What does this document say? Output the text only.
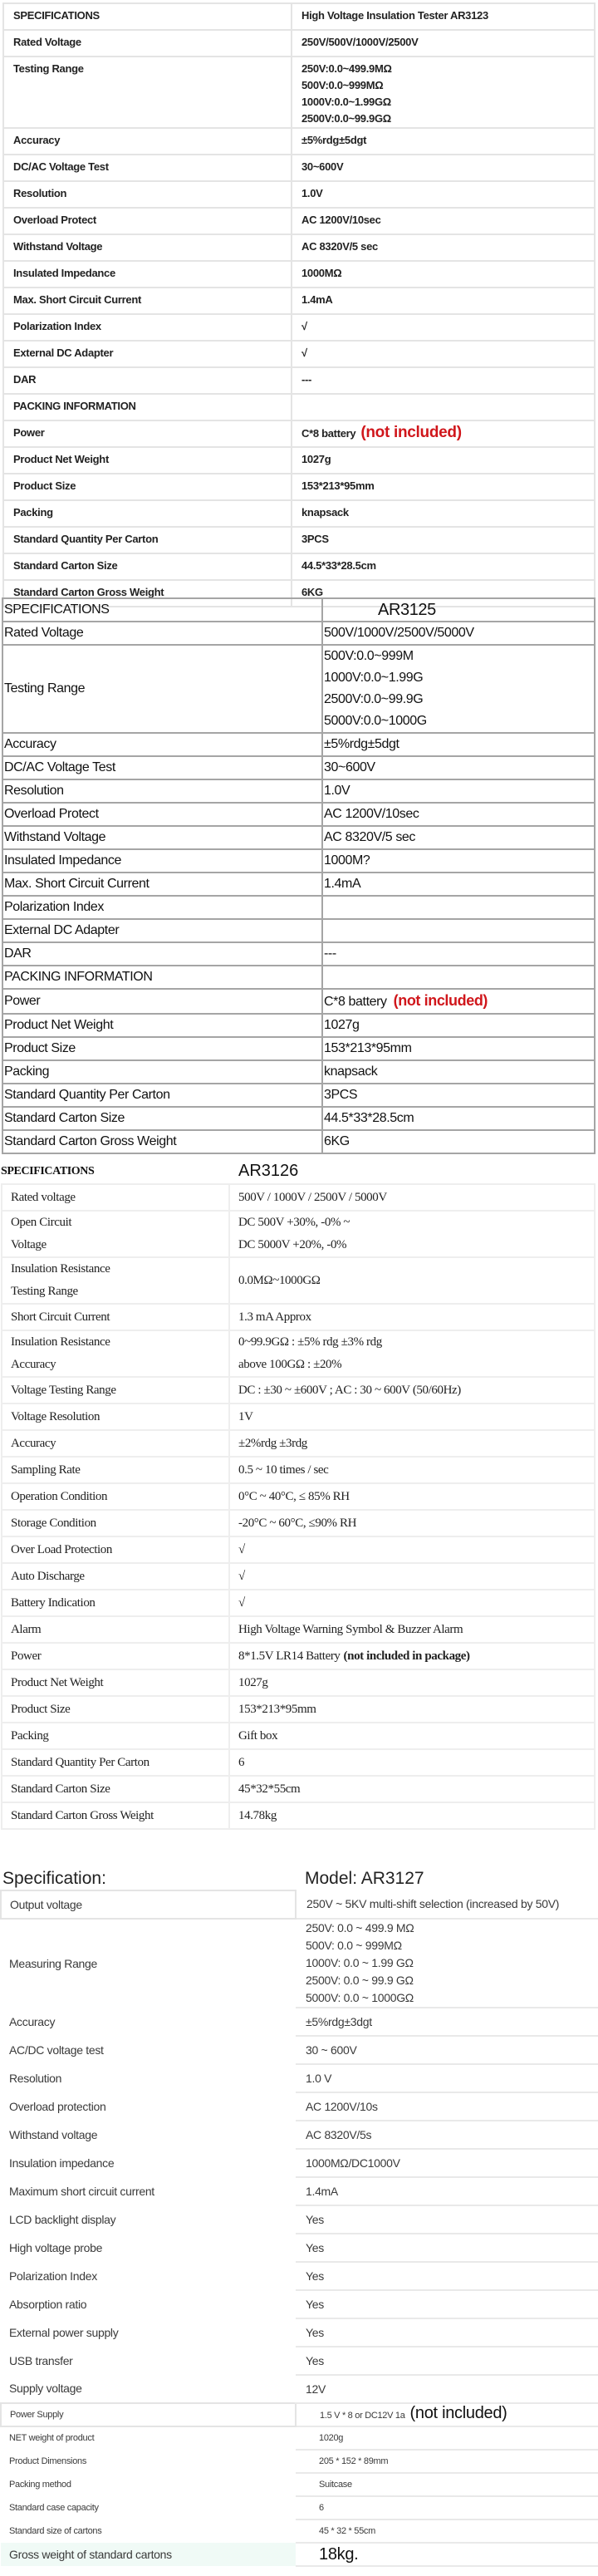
SPECIFICATIONS	High Voltage Insulation Tester AR3123
Rated Voltage	250V/500V/1000V/2500V

Testing Range	250V:0.0~499.9MΩ
500V:0.0~999MΩ
1000V:0.0~1.99GΩ
2500V:0.0~99.9GΩ

Accuracy	±5%rdg±5dgt

DC/AC Voltage Test	30~600V

Resolution	1.0V

Overload Protect	AC 1200V/10sec

Withstand Voltage	AC 8320V/5 sec

Insulated Impedance	1000MΩ

Max. Short Circuit Current	1.4mA

Polarization Index	√

External DC Adapter	√

DAR	---

PACKING INFORMATION	

Power	C*8 battery (not included)

Product Net Weight	1027g

Product Size	153*213*95mm

Packing	knapsack

Standard Quantity Per Carton	3PCS

Standard Carton Size	44.5*33*28.5cm

Standard Carton Gross Weight	6KG
SPECIFICATIONS	AR3125
Rated Voltage	500V/1000V/2500V/5000V

Testing Range	500V:0.0~999M
1000V:0.0~1.99G
2500V:0.0~99.9G
5000V:0.0~1000G

Accuracy	±5%rdg±5dgt

DC/AC Voltage Test	30~600V

Resolution	1.0V

Overload Protect	AC 1200V/10sec

Withstand Voltage	AC 8320V/5 sec

Insulated Impedance	1000M?

Max. Short Circuit Current	1.4mA

Polarization Index	

External DC Adapter	

DAR	---

PACKING INFORMATION	

Power	C*8 battery (not included)

Product Net Weight	1027g

Product Size	153*213*95mm

Packing	knapsack

Standard Quantity Per Carton	3PCS

Standard Carton Size	44.5*33*28.5cm

Standard Carton Gross Weight	6KG
SPECIFICATIONS	AR3126
Rated voltage	500V / 1000V / 2500V / 5000V

Open Circuit
Voltage	DC 500V +30%, -0% ~
DC 5000V +20%, -0%

Insulation Resistance
Testing Range	0.0MΩ~1000GΩ

Short Circuit Current	1.3 mA Approx

Insulation Resistance
Accuracy	0~99.9GΩ : ±5% rdg ±3% rdg
above 100GΩ : ±20%

Voltage Testing Range	DC : ±30 ~ ±600V ; AC : 30 ~ 600V (50/60Hz)

Voltage Resolution	1V

Accuracy	±2%rdg ±3rdg

Sampling Rate	0.5 ~ 10 times / sec

Operation Condition	0°C ~ 40°C, ≤ 85% RH

Storage Condition	-20°C ~ 60°C, ≤90% RH

Over Load Protection	√

Auto Discharge	√

Battery Indication	√

Alarm	High Voltage Warning Symbol & Buzzer Alarm

Power	8*1.5V LR14 Battery (not included in package)

Product Net Weight	1027g

Product Size	153*213*95mm

Packing	Gift box

Standard Quantity Per Carton	6

Standard Carton Size	45*32*55cm

Standard Carton Gross Weight	14.78kg
Specification:	Model: AR3127
Output voltage	250V ~ 5KV multi-shift selection (increased by 50V)

Measuring Range	250V: 0.0 ~ 499.9 MΩ
500V: 0.0 ~ 999MΩ
1000V: 0.0 ~ 1.99 GΩ
2500V: 0.0 ~ 99.9 GΩ
5000V: 0.0 ~ 1000GΩ

Accuracy	±5%rdg±3dgt

AC/DC voltage test	30 ~ 600V

Resolution	1.0 V

Overload protection	AC 1200V/10s

Withstand voltage	AC 8320V/5s

Insulation impedance	1000MΩ/DC1000V

Maximum short circuit current	1.4mA

LCD backlight display	Yes

High voltage probe	Yes

Polarization Index	Yes

Absorption ratio	Yes

External power supply	Yes

USB transfer	Yes

Supply voltage	12V

Power Supply	1.5 V * 8 or DC12V 1a (not included)

NET weight of product	1020g

Product Dimensions	205 * 152 * 89mm

Packing method	Suitcase

Standard case capacity	6

Standard size of cartons	45 * 32 * 55cm

Gross weight of standard cartons	18kg.
